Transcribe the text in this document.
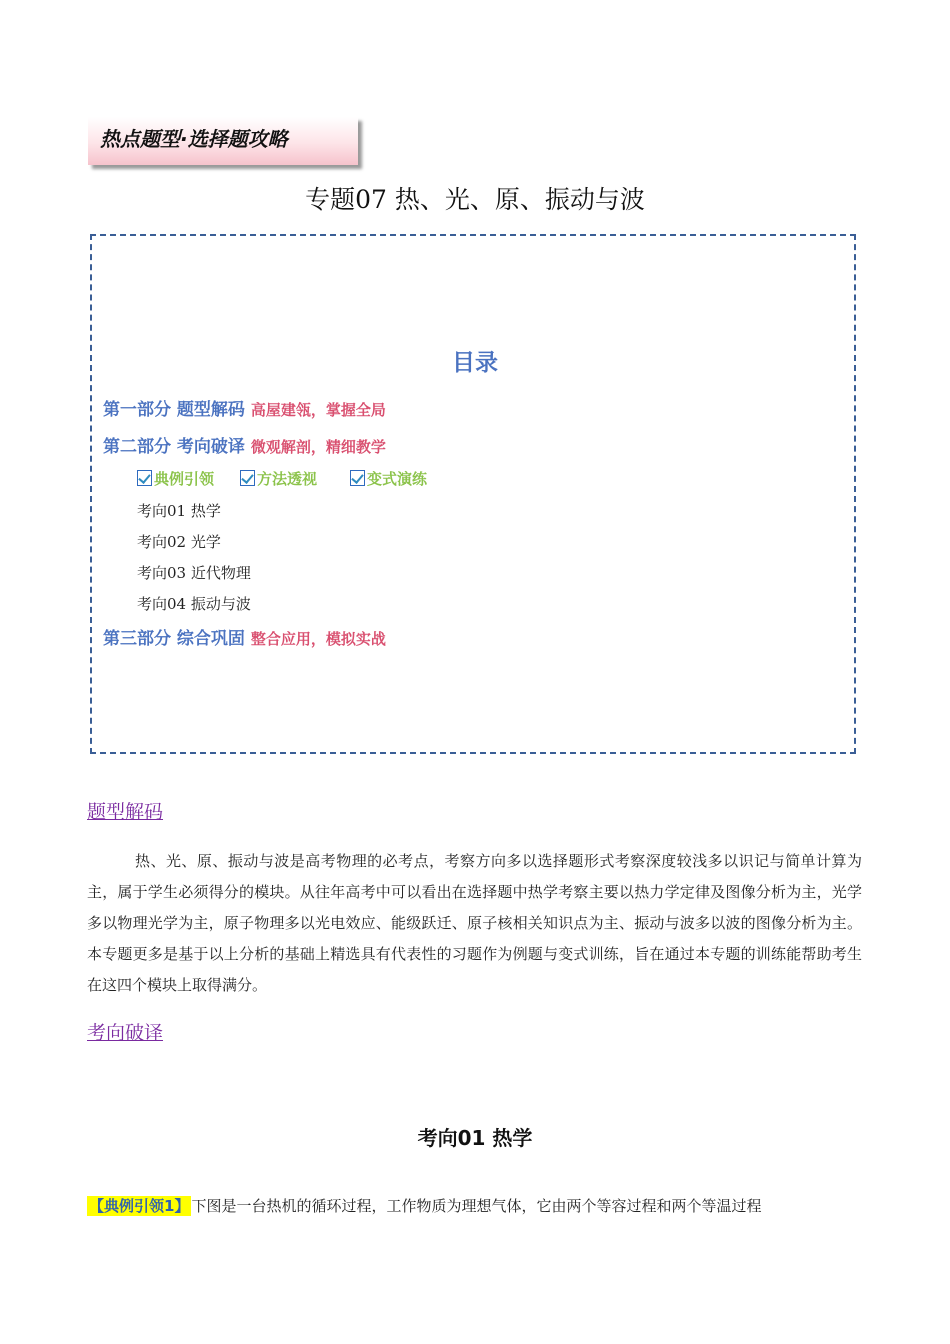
热点题型·选择题攻略
专题07 热、光、原、振动与波
目录
第一部分 题型解码 高屋建瓴，掌握全局
第二部分 考向破译 微观解剖，精细教学
典例引领	方法透视	变式演练
考向01 热学
考向02 光学
考向03 近代物理
考向04 振动与波
第三部分 综合巩固 整合应用，模拟实战
题型解码
热、光、原、振动与波是高考物理的必考点，考察方向多以选择题形式考察深度较浅多以识记与简单计算为主，属于学生必须得分的模块。从往年高考中可以看出在选择题中热学考察主要以热力学定律及图像分析为主，光学多以物理光学为主，原子物理多以光电效应、能级跃迁、原子核相关知识点为主、振动与波多以波的图像分析为主。本专题更多是基于以上分析的基础上精选具有代表性的习题作为例题与变式训练，旨在通过本专题的训练能帮助考生在这四个模块上取得满分。
考向破译
考向01 热学
【典例引领1】 下图是一台热机的循环过程，工作物质为理想气体，它由两个等容过程和两个等温过程
